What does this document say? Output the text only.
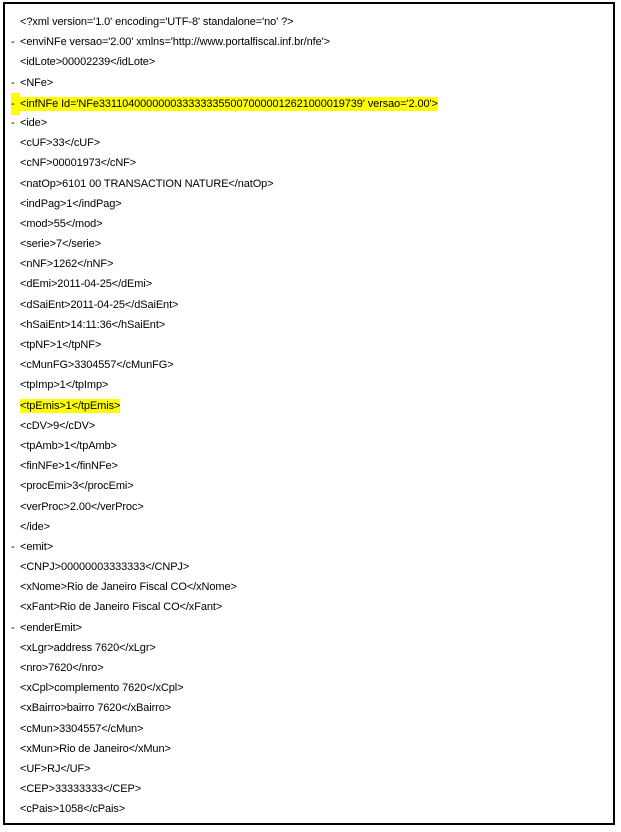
<?xml version='1.0' encoding='UTF-8' standalone='no' ?>
- <enviNFe versao='2.00' xmlns='http://www.portalfiscal.inf.br/nfe'>
<idLote>00002239</idLote>
- <NFe>
- <infNFe Id='NFe33110400000003333333550070000012621000019739' versao='2.00'>
- <ide>
<cUF>33</cUF>
<cNF>00001973</cNF>
<natOp>6101 00 TRANSACTION NATURE</natOp>
<indPag>1</indPag>
<mod>55</mod>
<serie>7</serie>
<nNF>1262</nNF>
<dEmi>2011-04-25</dEmi>
<dSaiEnt>2011-04-25</dSaiEnt>
<hSaiEnt>14:11:36</hSaiEnt>
<tpNF>1</tpNF>
<cMunFG>3304557</cMunFG>
<tpImp>1</tpImp>
<tpEmis>1</tpEmis>
<cDV>9</cDV>
<tpAmb>1</tpAmb>
<finNFe>1</finNFe>
<procEmi>3</procEmi>
<verProc>2.00</verProc>
</ide>
- <emit>
<CNPJ>00000003333333</CNPJ>
<xNome>Rio de Janeiro Fiscal CO</xNome>
<xFant>Rio de Janeiro Fiscal CO</xFant>
- <enderEmit>
<xLgr>address 7620</xLgr>
<nro>7620</nro>
<xCpl>complemento 7620</xCpl>
<xBairro>bairro 7620</xBairro>
<cMun>3304557</cMun>
<xMun>Rio de Janeiro</xMun>
<UF>RJ</UF>
<CEP>33333333</CEP>
<cPais>1058</cPais>
